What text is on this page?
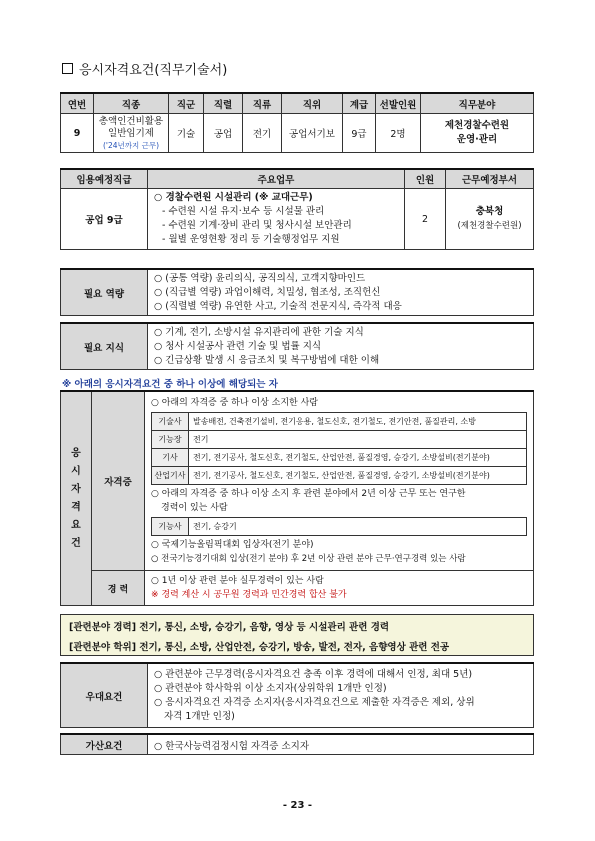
응시자격요건(직무기술서)
연번	직종	직군	직렬	직류	직위	계급	선발인원	직무분야
9	총액인건비활용
일반임기제
('24년까지 근무)	기술	공업	전기	공업서기보	9급	2명	제천경찰수련원
운영·관리
임용예정직급	주요업무	인원	근무예정부서
공업 9급	○ 경찰수련원 시설관리 (※ 교대근무)
- 수련원 시설 유지·보수 등 시설물 관리
- 수련원 기계·장비 관리 및 청사시설 보안관리
- 월별 운영현황 정리 등 기술행정업무 지원	2	충북청
(제천경찰수련원)
필요 역량	
○ (공통 역량) 윤리의식, 공직의식, 고객지향마인드
○ (직급별 역량) 과업이해력, 치밀성, 협조성, 조직헌신
○ (직렬별 역량) 유연한 사고, 기술적 전문지식, 즉각적 대응
필요 지식	
○ 기계, 전기, 소방시설 유지관리에 관한 기술 지식
○ 청사 시설공사 관련 기술 및 법률 지식
○ 긴급상황 발생 시 응급조치 및 복구방법에 대한 이해
※ 아래의 응시자격요건 중 하나 이상에 해당되는 자
응시자격요건
	자격증	
○ 아래의 자격증 중 하나 이상 소지한 사람
기술사	발송배전, 건축전기설비, 전기응용, 철도신호, 전기철도, 전기안전, 품질관리, 소방
기능장	전기
기사	전기, 전기공사, 철도신호, 전기철도, 산업안전, 품질경영, 승강기, 소방설비(전기분야)
산업기사	전기, 전기공사, 철도신호, 전기철도, 산업안전, 품질경영, 승강기, 소방설비(전기분야)
○ 아래의 자격증 중 하나 이상 소지 후 관련 분야에서 2년 이상 근무 또는 연구한
경력이 있는 사람
기능사	전기, 승강기
○ 국제기능올림픽대회 입상자(전기 분야)
○ 전국기능경기대회 입상(전기 분야) 후 2년 이상 관련 분야 근무·연구경력 있는 사람

경 력	
○ 1년 이상 관련 분야 실무경력이 있는 사람
※ 경력 계산 시 공무원 경력과 민간경력 합산 불가
[관련분야 경력] 전기, 통신, 소방, 승강기, 음향, 영상 등 시설관리 관련 경력
[관련분야 학위] 전기, 통신, 소방, 산업안전, 승강기, 방송, 발전, 전자, 음향영상 관련 전공
우대요건	
○ 관련분야 근무경력(응시자격요건 충족 이후 경력에 대해서 인정, 최대 5년)
○ 관련분야 학사학위 이상 소지자(상위학위 1개만 인정)
○ 응시자격요건 자격증 소지자(응시자격요건으로 제출한 자격증은 제외, 상위
자격 1개만 인정)
가산요건	○ 한국사능력검정시험 자격증 소지자
- 23 -
